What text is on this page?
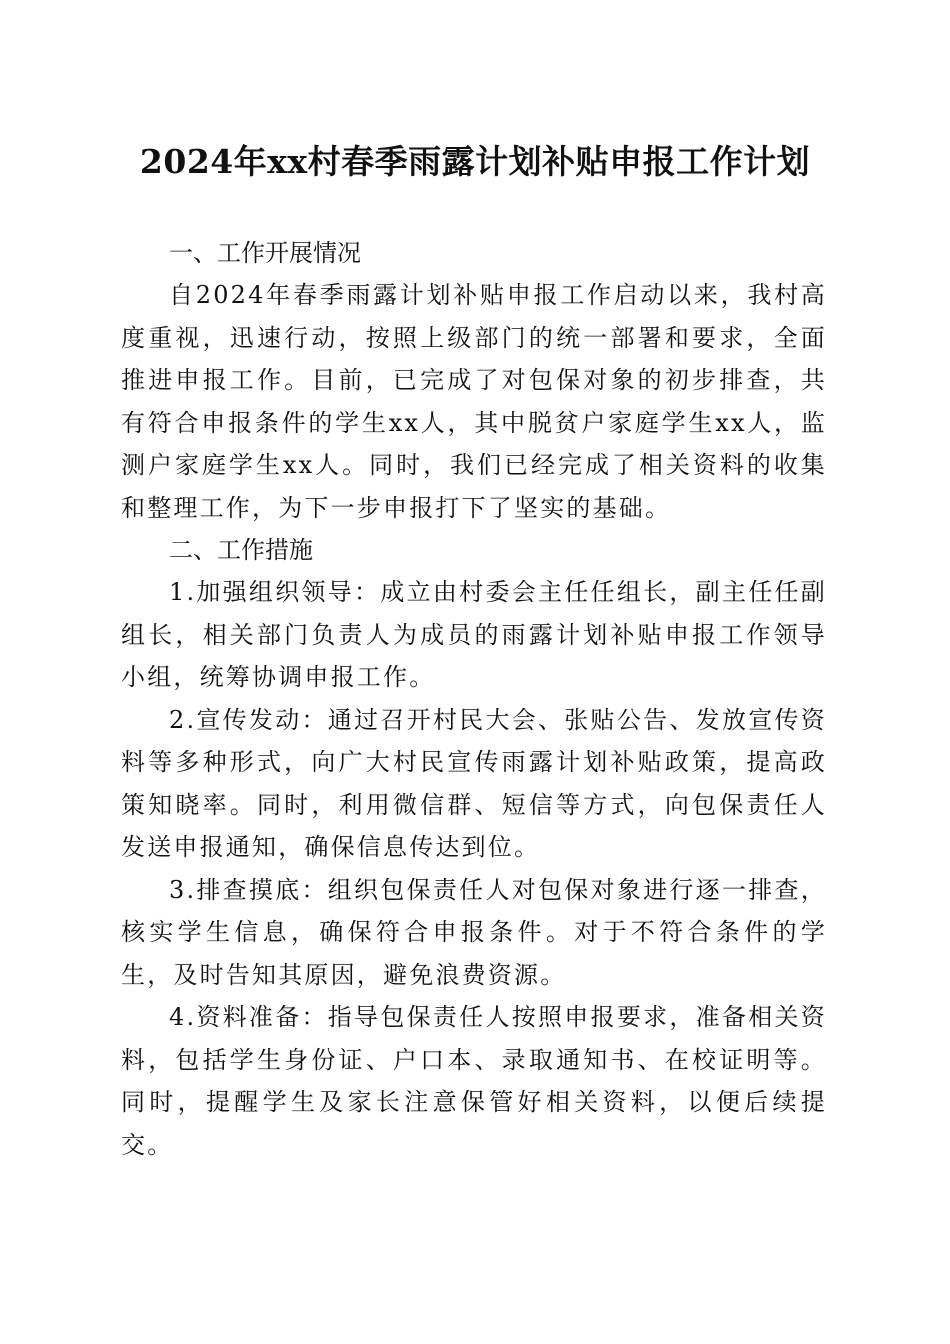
2024年xx村春季雨露计划补贴申报工作计划

一、工作开展情况

自2024年春季雨露计划补贴申报工作启动以来，我村高度重视，迅速行动，按照上级部门的统一部署和要求，全面推进申报工作。目前，已完成了对包保对象的初步排查，共有符合申报条件的学生xx人，其中脱贫户家庭学生xx人，监测户家庭学生xx人。同时，我们已经完成了相关资料的收集和整理工作，为下一步申报打下了坚实的基础。

二、工作措施

1.加强组织领导：成立由村委会主任任组长，副主任任副组长，相关部门负责人为成员的雨露计划补贴申报工作领导小组，统筹协调申报工作。

2.宣传发动：通过召开村民大会、张贴公告、发放宣传资料等多种形式，向广大村民宣传雨露计划补贴政策，提高政策知晓率。同时，利用微信群、短信等方式，向包保责任人发送申报通知，确保信息传达到位。

3.排查摸底：组织包保责任人对包保对象进行逐一排查，核实学生信息，确保符合申报条件。对于不符合条件的学生，及时告知其原因，避免浪费资源。

4.资料准备：指导包保责任人按照申报要求，准备相关资料，包括学生身份证、户口本、录取通知书、在校证明等。同时，提醒学生及家长注意保管好相关资料，以便后续提交。
